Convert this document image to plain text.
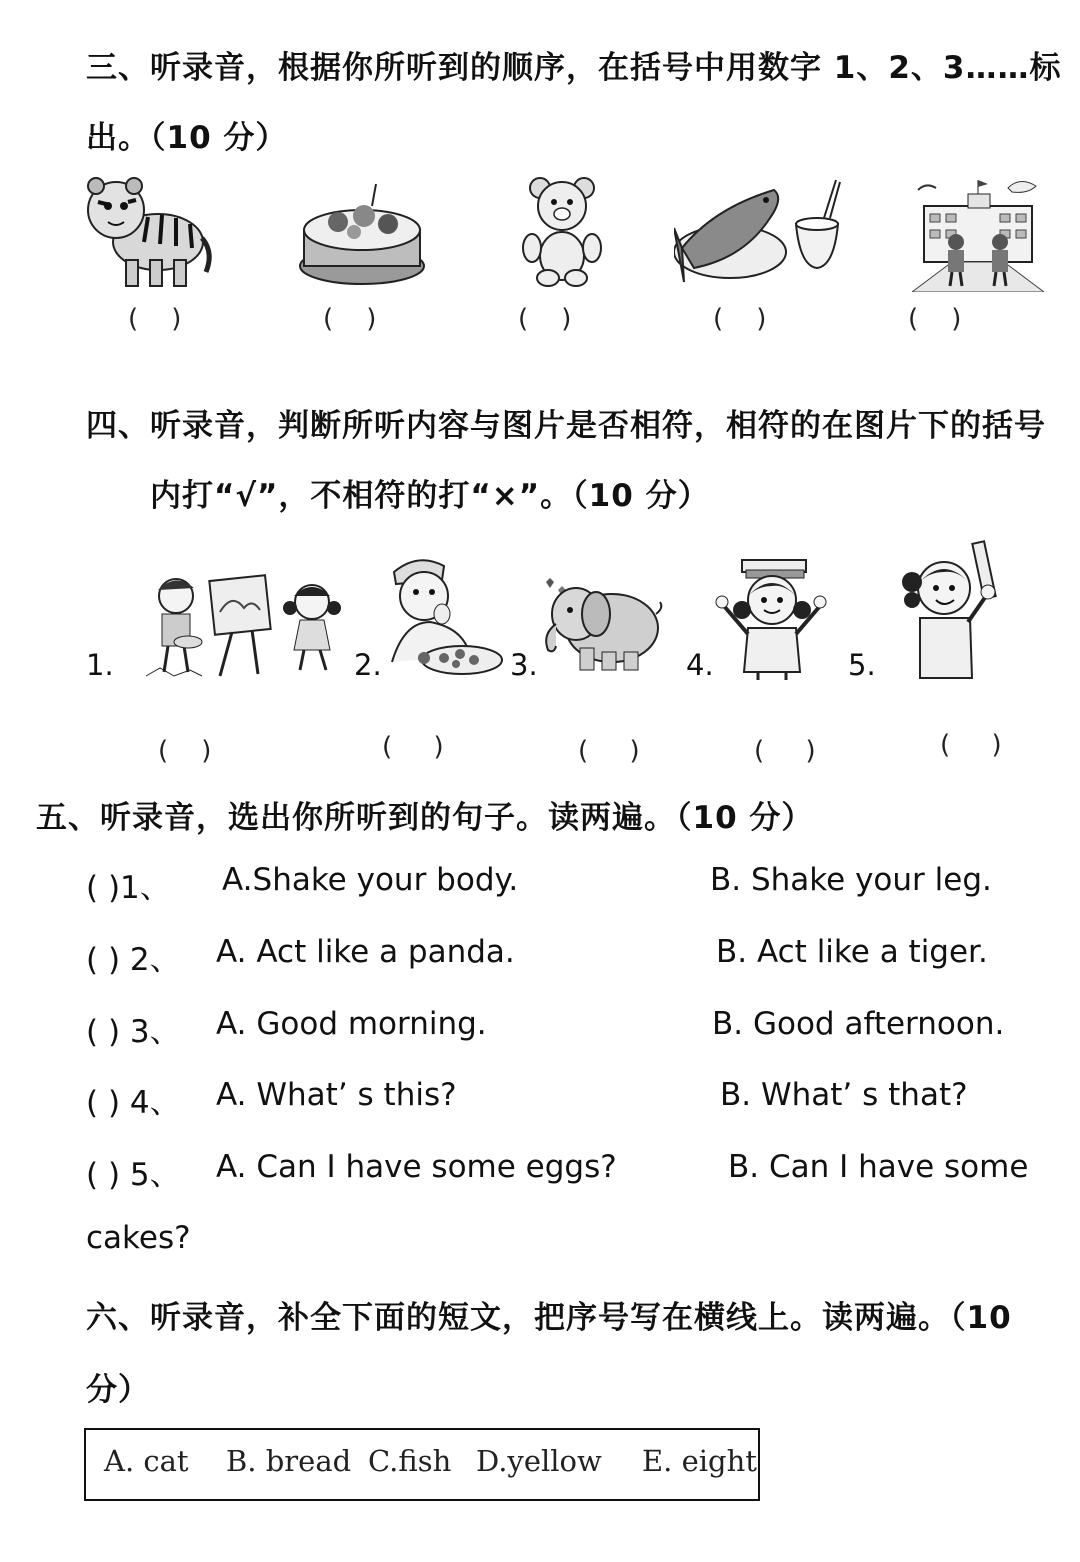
三、听录音，根据你所听到的顺序，在括号中用数字 1、2、3……标
出。（10 分）
(    )	(    )	(    )	(    )	(    )
四、听录音，判断所听内容与图片是否相符，相符的在图片下的括号
内打“√”，不相符的打“×”。（10 分）
1.	2.	3.	4.	5.
(    )	(     )	(     )	(     )	(     )
五、听录音，选出你所听到的句子。读两遍。（10 分）
( )1、 A.Shake your body.	B. Shake your leg.
( ) 2、 A. Act like a panda.	B. Act like a tiger.
( ) 3、 A. Good morning.	B. Good afternoon.
( ) 4、 A. What’ s this?	B. What’ s that?
( ) 5、 A. Can I have some eggs?	B. Can I have some
cakes?
六、听录音，补全下面的短文，把序号写在横线上。读两遍。（10
分）
A. cat B. bread C.fish D.yellow E. eight
